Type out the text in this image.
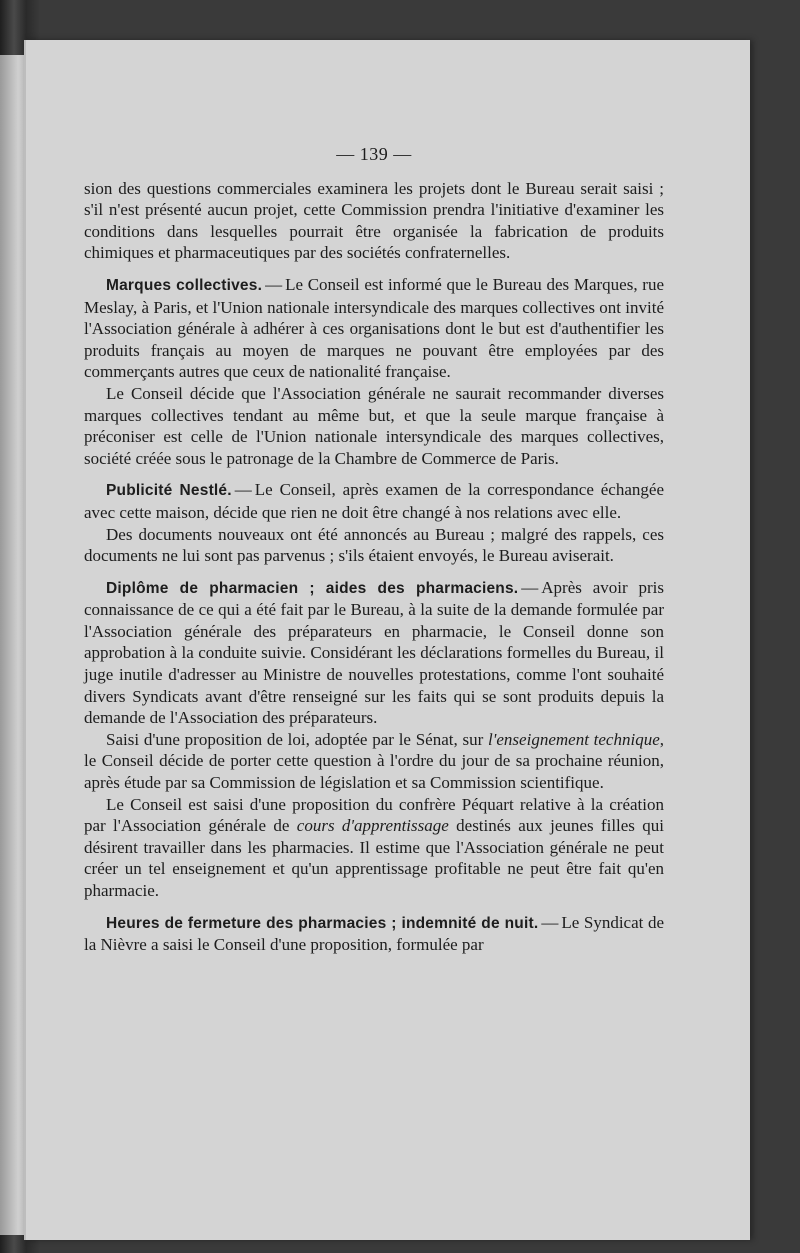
— 139 —

sion des questions commerciales examinera les projets dont le Bureau serait saisi ; s'il n'est présenté aucun projet, cette Commission prendra l'initiative d'examiner les conditions dans lesquelles pourrait être organisée la fabrication de produits chimiques et pharmaceutiques par des sociétés confraternelles.

Marques collectives. — Le Conseil est informé que le Bureau des Marques, rue Meslay, à Paris, et l'Union nationale intersyndicale des marques collectives ont invité l'Association générale à adhérer à ces organisations dont le but est d'authentifier les produits français au moyen de marques ne pouvant être employées par des commerçants autres que ceux de nationalité française.

Le Conseil décide que l'Association générale ne saurait recommander diverses marques collectives tendant au même but, et que la seule marque française à préconiser est celle de l'Union nationale intersyndicale des marques collectives, société créée sous le patronage de la Chambre de Commerce de Paris.

Publicité Nestlé. — Le Conseil, après examen de la correspondance échangée avec cette maison, décide que rien ne doit être changé à nos relations avec elle.

Des documents nouveaux ont été annoncés au Bureau ; malgré des rappels, ces documents ne lui sont pas parvenus ; s'ils étaient envoyés, le Bureau aviserait.

Diplôme de pharmacien ; aides des pharmaciens. — Après avoir pris connaissance de ce qui a été fait par le Bureau, à la suite de la demande formulée par l'Association générale des préparateurs en pharmacie, le Conseil donne son approbation à la conduite suivie. Considérant les déclarations formelles du Bureau, il juge inutile d'adresser au Ministre de nouvelles protestations, comme l'ont souhaité divers Syndicats avant d'être renseigné sur les faits qui se sont produits depuis la demande de l'Association des préparateurs.

Saisi d'une proposition de loi, adoptée par le Sénat, sur l'enseignement technique, le Conseil décide de porter cette question à l'ordre du jour de sa prochaine réunion, après étude par sa Commission de législation et sa Commission scientifique.

Le Conseil est saisi d'une proposition du confrère Péquart relative à la création par l'Association générale de cours d'apprentissage destinés aux jeunes filles qui désirent travailler dans les pharmacies. Il estime que l'Association générale ne peut créer un tel enseignement et qu'un apprentissage profitable ne peut être fait qu'en pharmacie.

Heures de fermeture des pharmacies ; indemnité de nuit. — Le Syndicat de la Nièvre a saisi le Conseil d'une proposition, formulée par
